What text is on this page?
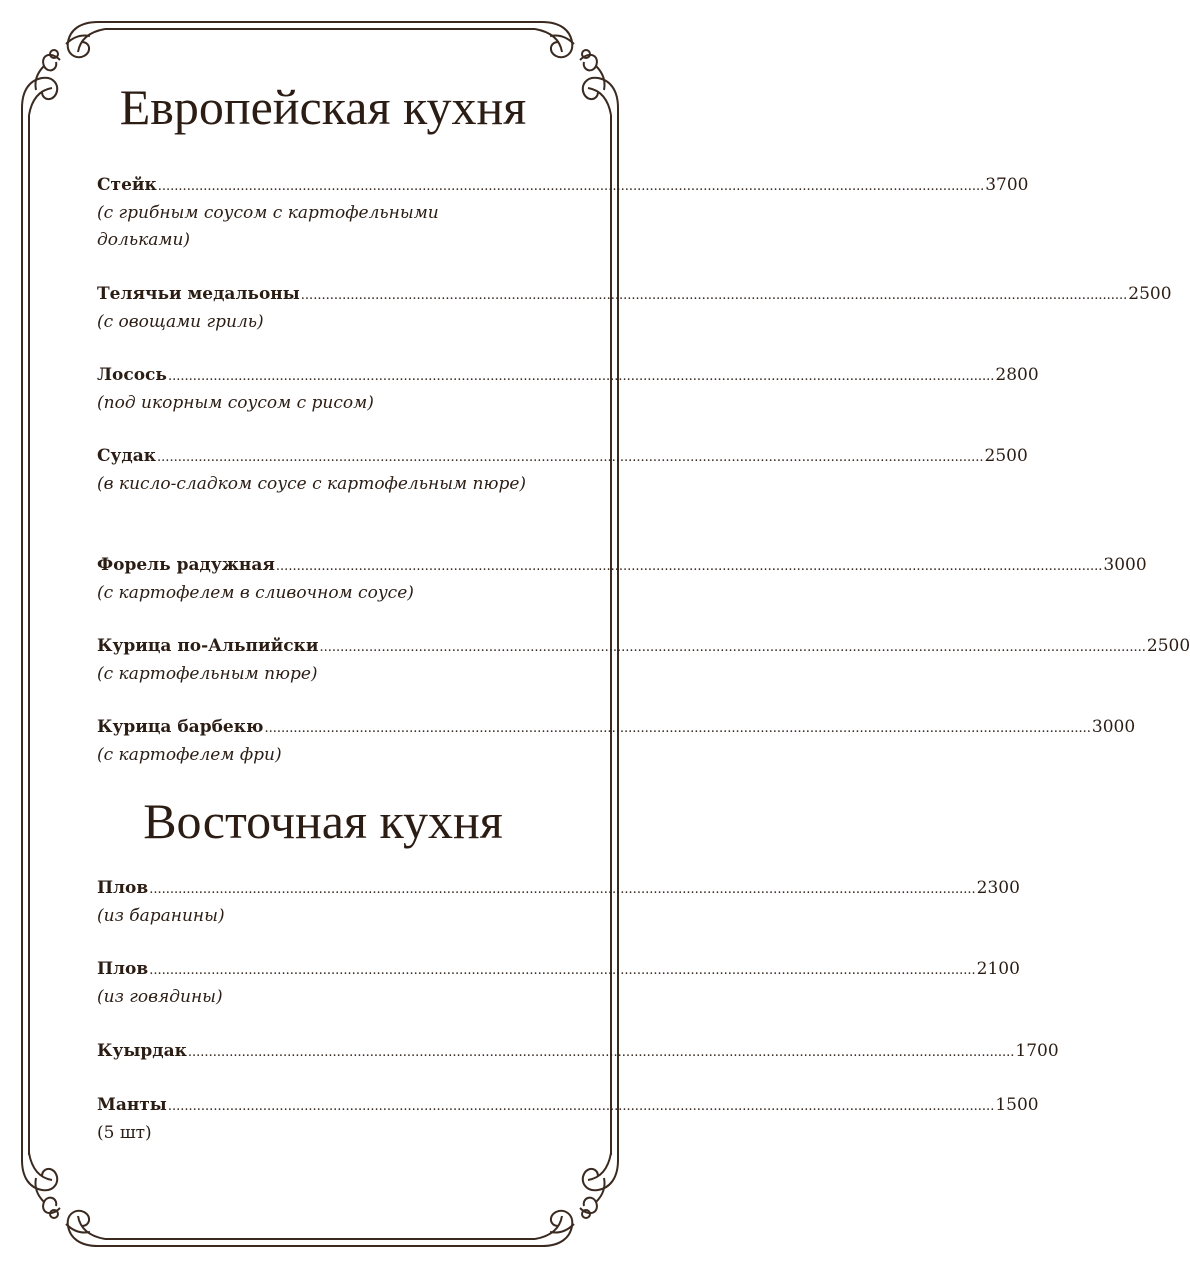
Европейская кухня
Стейк ........................................................................................................................................................................................................ 3700
(с грибным соусом с картофельными дольками)
Телячьи медальоны ........................................................................................................................................................................................................ 2500
(с овощами гриль)
Лосось ........................................................................................................................................................................................................ 2800
(под икорным соусом с рисом)
Судак ........................................................................................................................................................................................................ 2500
(в кисло-сладком соусе с картофельным пюре)
Форель радужная ........................................................................................................................................................................................................ 3000
(с картофелем в сливочном соусе)
Курица по-Альпийски ........................................................................................................................................................................................................ 2500
(с картофельным пюре)
Курица барбекю ........................................................................................................................................................................................................ 3000
(с картофелем фри)
Восточная кухня
Плов ........................................................................................................................................................................................................ 2300
(из баранины)
Плов ........................................................................................................................................................................................................ 2100
(из говядины)
Куырдак ........................................................................................................................................................................................................ 1700
Манты ........................................................................................................................................................................................................ 1500
(5 шт)
